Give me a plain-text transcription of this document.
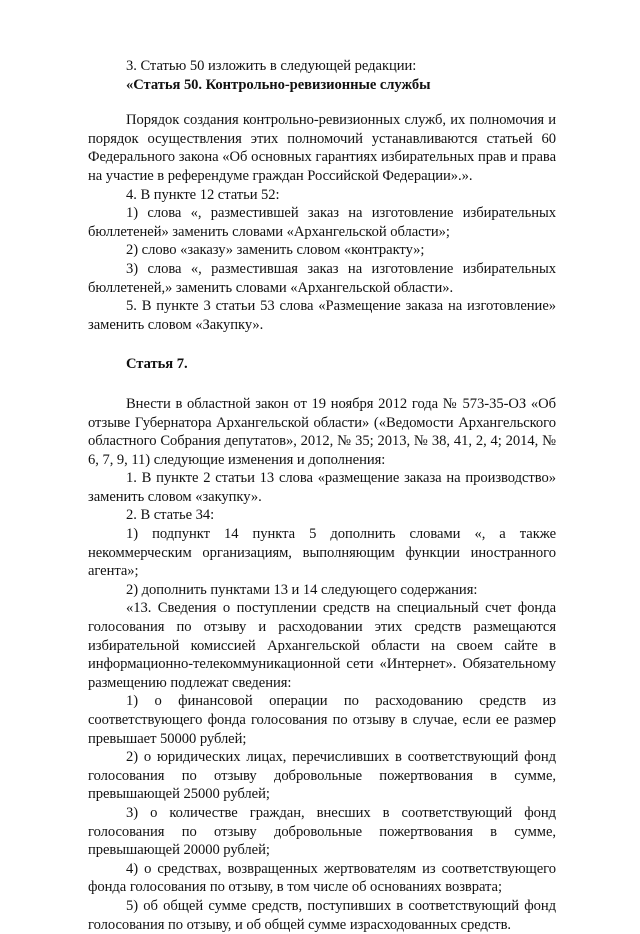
3. Статью 50 изложить в следующей редакции:

«Статья 50. Контрольно-ревизионные службы

Порядок создания контрольно-ревизионных служб, их полномочия и порядок осуществления этих полномочий устанавливаются статьей 60 Федерального закона «Об основных гарантиях избирательных прав и права на участие в референдуме граждан Российской Федерации».».

4. В пункте 12 статьи 52:

1) слова «, разместившей заказ на изготовление избирательных бюллетеней» заменить словами «Архангельской области»;

2) слово «заказу» заменить словом «контракту»;

3) слова «, разместившая заказ на изготовление избирательных бюллетеней,» заменить словами «Архангельской области».

5. В пункте 3 статьи 53 слова «Размещение заказа на изготовление» заменить словом «Закупку».

Статья 7.

Внести в областной закон от 19 ноября 2012 года № 573-35-ОЗ «Об отзыве Губернатора Архангельской области» («Ведомости Архангельского областного Собрания депутатов», 2012, № 35; 2013, № 38, 41, 2, 4; 2014, № 6, 7, 9, 11) следующие изменения и дополнения:

1. В пункте 2 статьи 13 слова «размещение заказа на производство» заменить словом «закупку».

2. В статье 34:

1) подпункт 14 пункта 5 дополнить словами «, а также некоммерческим организациям, выполняющим функции иностранного агента»;

2) дополнить пунктами 13 и 14 следующего содержания:

«13. Сведения о поступлении средств на специальный счет фонда голосования по отзыву и расходовании этих средств размещаются избирательной комиссией Архангельской области на своем сайте в информационно-телекоммуникационной сети «Интернет». Обязательному размещению подлежат сведения:

1) о финансовой операции по расходованию средств из соответствующего фонда голосования по отзыву в случае, если ее размер превышает 50000 рублей;

2) о юридических лицах, перечисливших в соответствующий фонд голосования по отзыву добровольные пожертвования в сумме, превышающей 25000 рублей;

3) о количестве граждан, внесших в соответствующий фонд голосования по отзыву добровольные пожертвования в сумме, превышающей 20000 рублей;

4) о средствах, возвращенных жертвователям из соответствующего фонда голосования по отзыву, в том числе об основаниях возврата;

5) об общей сумме средств, поступивших в соответствующий фонд голосования по отзыву, и об общей сумме израсходованных средств.
